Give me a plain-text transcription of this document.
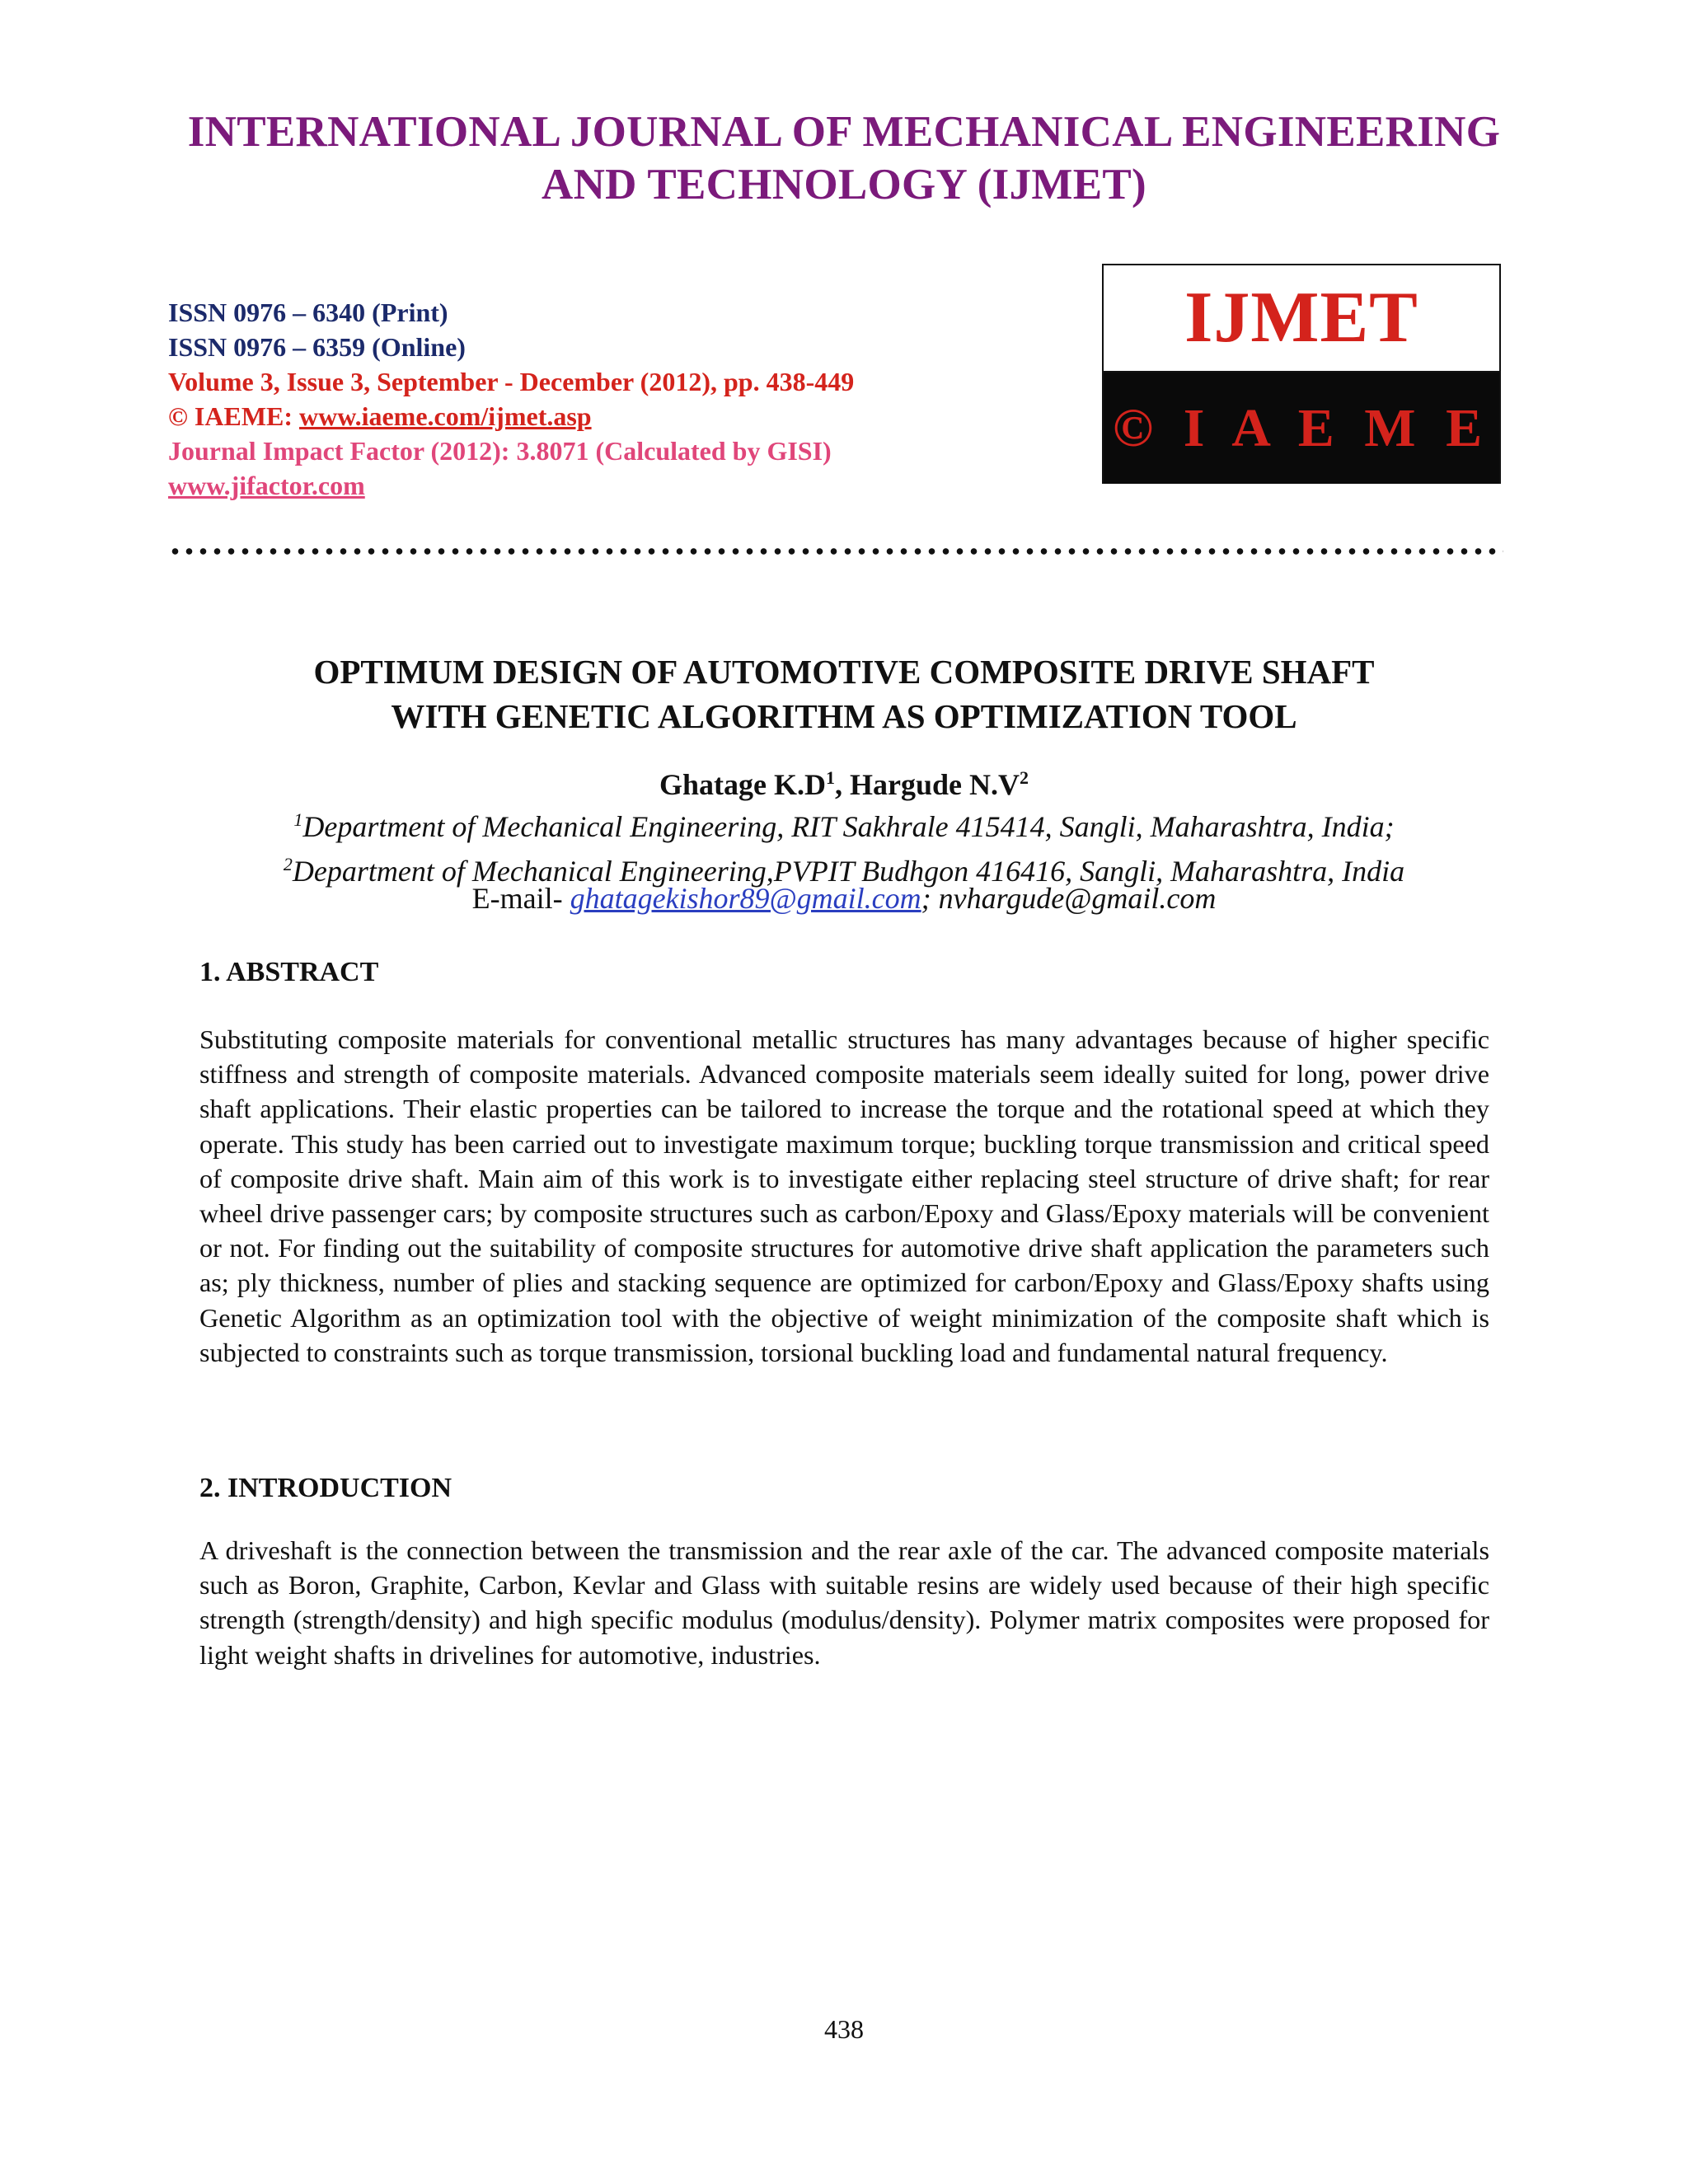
INTERNATIONAL JOURNAL OF MECHANICAL ENGINEERING
AND TECHNOLOGY (IJMET)
ISSN 0976 – 6340 (Print)
ISSN 0976 – 6359 (Online)
Volume 3, Issue 3, September - December (2012), pp. 438-449
© IAEME: www.iaeme.com/ijmet.asp
Journal Impact Factor (2012): 3.8071 (Calculated by GISI)
www.jifactor.com
IJMET
© I A E M E
OPTIMUM DESIGN OF AUTOMOTIVE COMPOSITE DRIVE SHAFT
WITH GENETIC ALGORITHM AS OPTIMIZATION TOOL
Ghatage $K.D^1$, Hargude $N.V^2$
$^1$Department of Mechanical Engineering, RIT Sakhrale 415414, Sangli, Maharashtra, India;
$^2$Department of Mechanical Engineering,PVPIT Budhgon 416416, Sangli, Maharashtra, India
E-mail- ghatagekishor89@gmail.com; nvhargude@gmail.com
1. ABSTRACT
Substituting composite materials for conventional metallic structures has many advantages because of higher specific stiffness and strength of composite materials. Advanced composite materials seem ideally suited for long, power drive shaft applications. Their elastic properties can be tailored to increase the torque and the rotational speed at which they operate. This study has been carried out to investigate maximum torque; buckling torque transmission and critical speed of composite drive shaft. Main aim of this work is to investigate either replacing steel structure of drive shaft; for rear wheel drive passenger cars; by composite structures such as carbon/Epoxy and Glass/Epoxy materials will be convenient or not. For finding out the suitability of composite structures for automotive drive shaft application the parameters such as; ply thickness, number of plies and stacking sequence are optimized for carbon/Epoxy and Glass/Epoxy shafts using Genetic Algorithm as an optimization tool with the objective of weight minimization of the composite shaft which is subjected to constraints such as torque transmission, torsional buckling load and fundamental natural frequency.
2. INTRODUCTION
A driveshaft is the connection between the transmission and the rear axle of the car. The advanced composite materials such as Boron, Graphite, Carbon, Kevlar and Glass with suitable resins are widely used because of their high specific strength (strength/density) and high specific modulus (modulus/density). Polymer matrix composites were proposed for light weight shafts in drivelines for automotive, industries.
438
